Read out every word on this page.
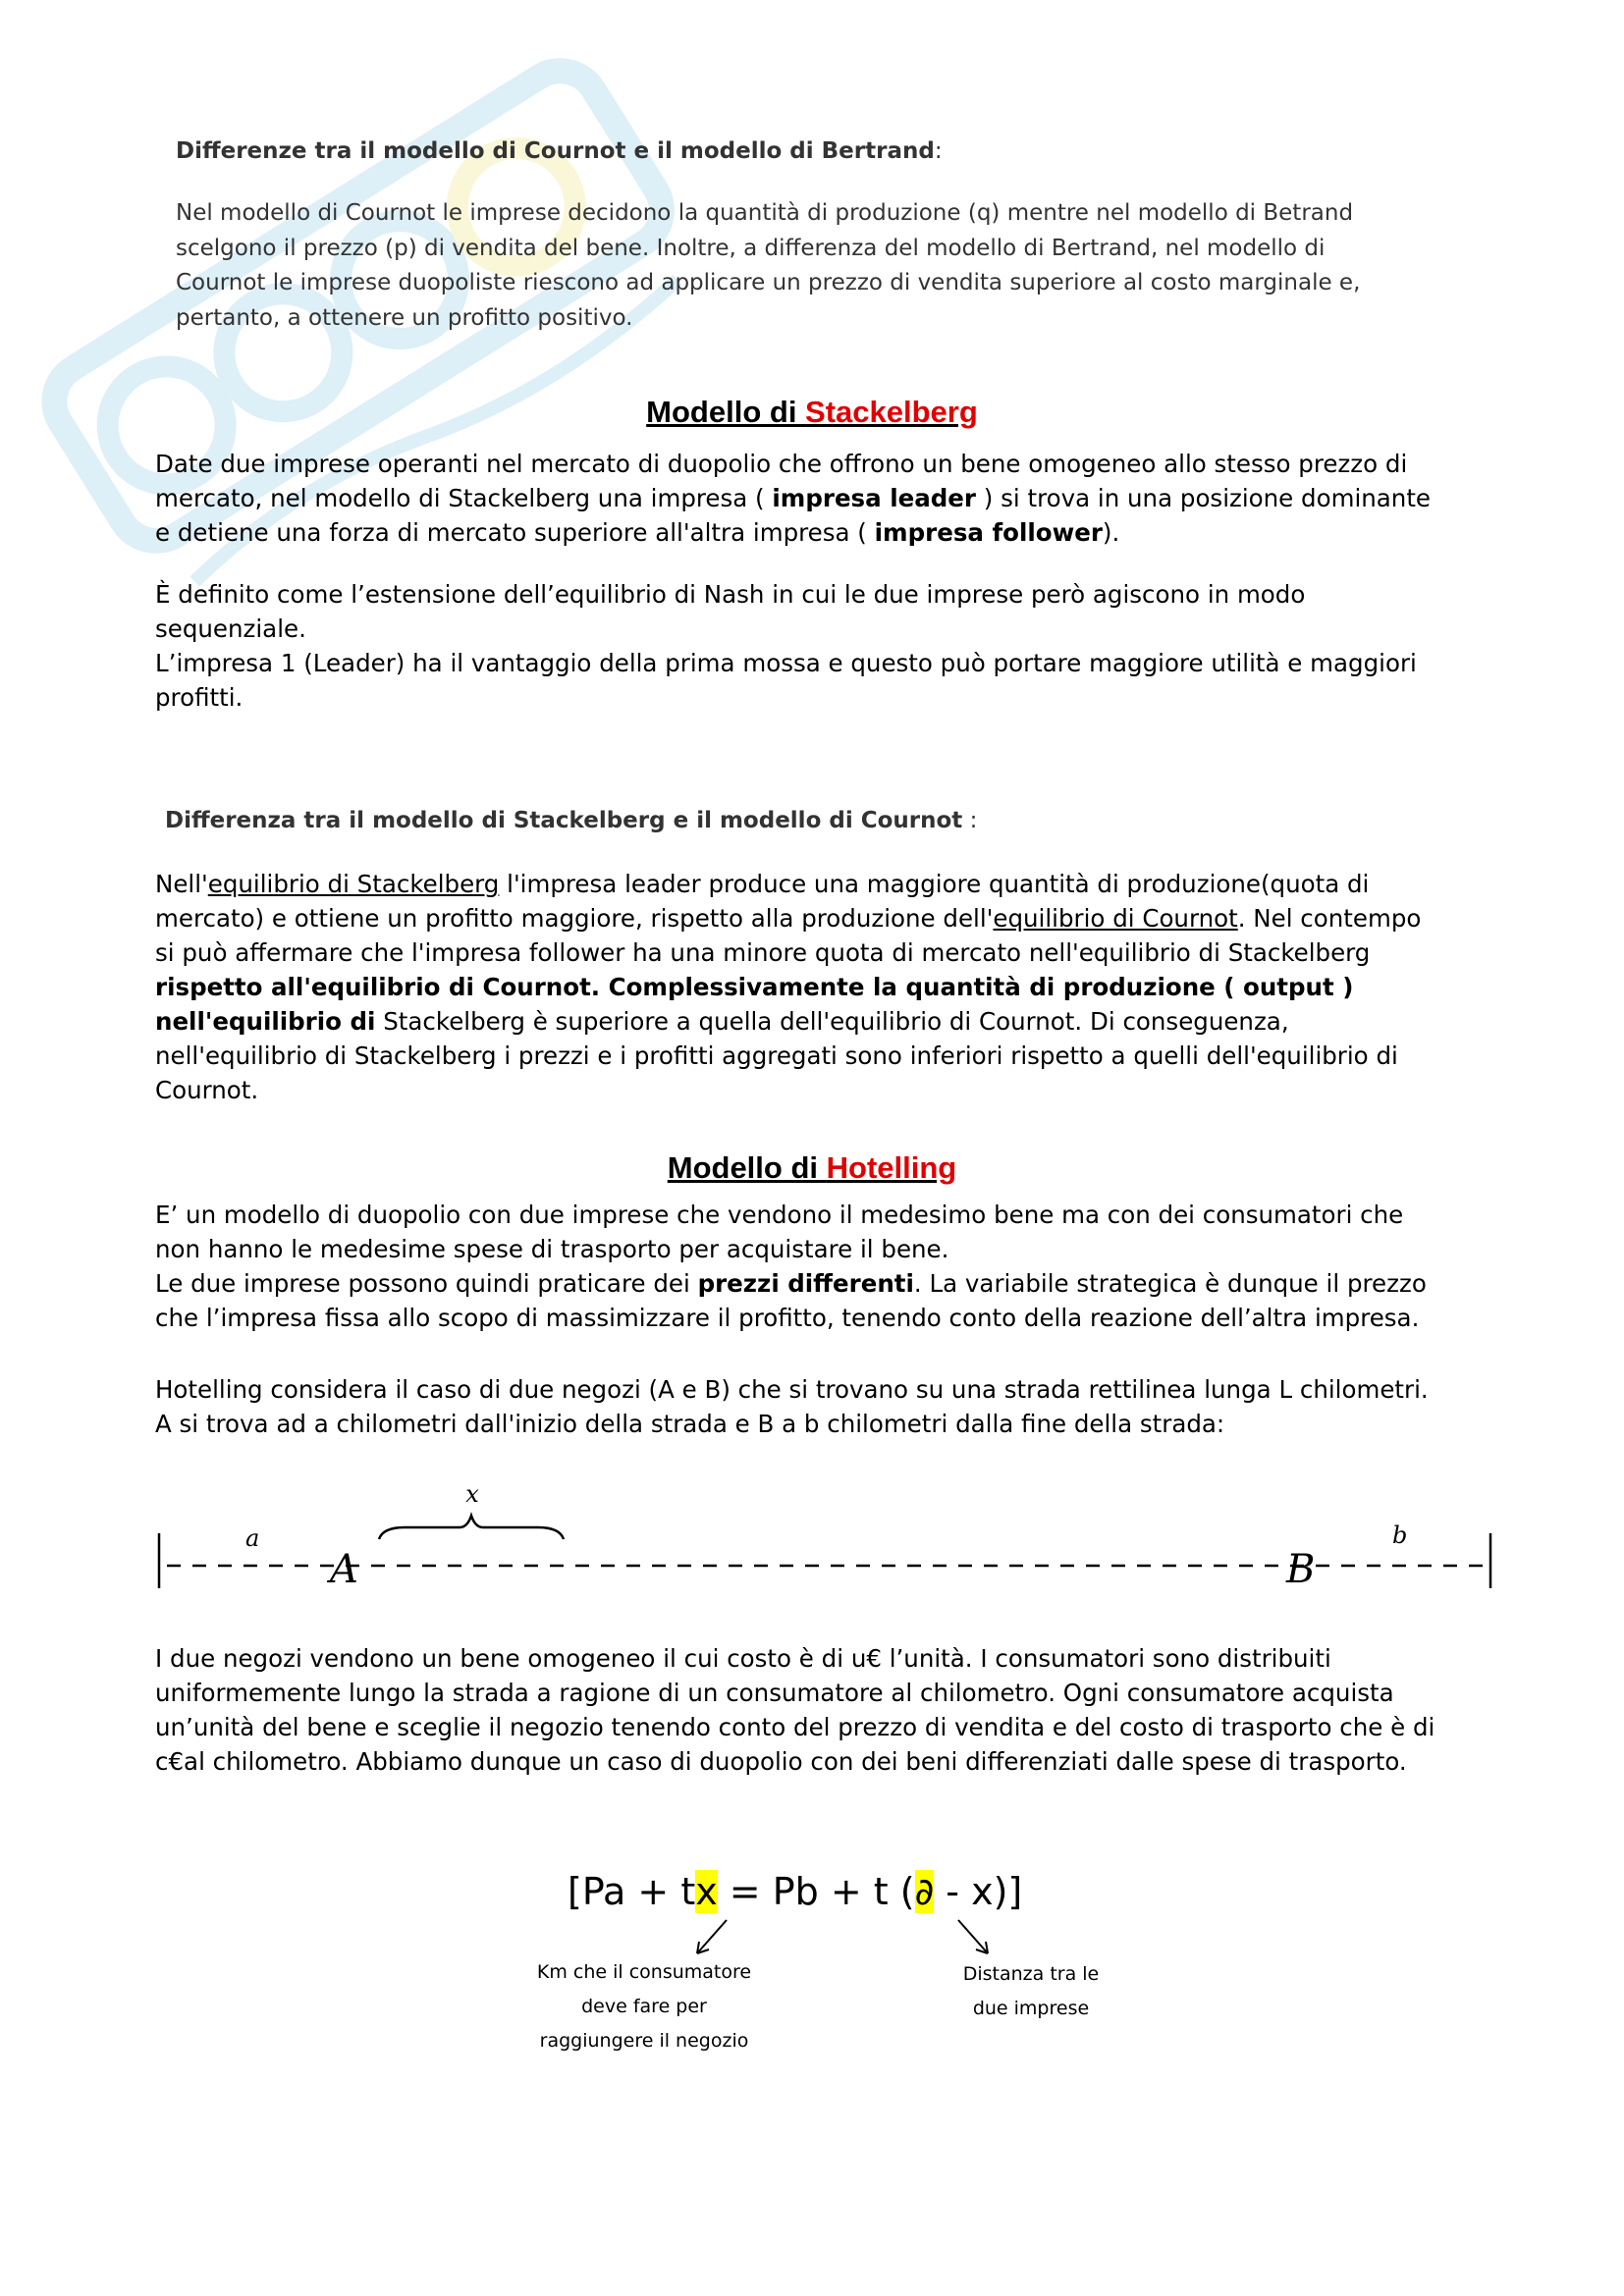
Differenze tra il modello di Cournot e il modello di Bertrand:
Nel modello di Cournot le imprese decidono la quantità di produzione (q) mentre nel modello di Betrand
scelgono il prezzo (p) di vendita del bene. Inoltre, a differenza del modello di Bertrand, nel modello di
Cournot le imprese duopoliste riescono ad applicare un prezzo di vendita superiore al costo marginale e,
pertanto, a ottenere un profitto positivo.
Modello di Stackelberg
Date due imprese operanti nel mercato di duopolio che offrono un bene omogeneo allo stesso prezzo di
mercato, nel modello di Stackelberg una impresa ( impresa leader ) si trova in una posizione dominante
e detiene una forza di mercato superiore all'altra impresa ( impresa follower).
È definito come l’estensione dell’equilibrio di Nash in cui le due imprese però agiscono in modo
sequenziale.
L’impresa 1 (Leader) ha il vantaggio della prima mossa e questo può portare maggiore utilità e maggiori
profitti.
Differenza tra il modello di Stackelberg e il modello di Cournot :
Nell'equilibrio di Stackelberg l'impresa leader produce una maggiore quantità di produzione(quota di
mercato) e ottiene un profitto maggiore, rispetto alla produzione dell'equilibrio di Cournot. Nel contempo
si può affermare che l'impresa follower ha una minore quota di mercato nell'equilibrio di Stackelberg
rispetto all'equilibrio di Cournot. Complessivamente la quantità di produzione ( output )
nell'equilibrio di Stackelberg è superiore a quella dell'equilibrio di Cournot. Di conseguenza,
nell'equilibrio di Stackelberg i prezzi e i profitti aggregati sono inferiori rispetto a quelli dell'equilibrio di
Cournot.
Modello di Hotelling
E’ un modello di duopolio con due imprese che vendono il medesimo bene ma con dei consumatori che
non hanno le medesime spese di trasporto per acquistare il bene.
Le due imprese possono quindi praticare dei prezzi differenti. La variabile strategica è dunque il prezzo
che l’impresa fissa allo scopo di massimizzare il profitto, tenendo conto della reazione dell’altra impresa.
Hotelling considera il caso di due negozi (A e B) che si trovano su una strada rettilinea lunga L chilometri.
A si trova ad a chilometri dall'inizio della strada e B a b chilometri dalla fine della strada:
x
a
A	B
b
I due negozi vendono un bene omogeneo il cui costo è di u€ l’unità. I consumatori sono distribuiti
uniformemente lungo la strada a ragione di un consumatore al chilometro. Ogni consumatore acquista
un’unità del bene e sceglie il negozio tenendo conto del prezzo di vendita e del costo di trasporto che è di
c€al chilometro. Abbiamo dunque un caso di duopolio con dei beni differenziati dalle spese di trasporto.
[Pa + tx = Pb + t (∂ - x)]
Km che il consumatore
deve fare per
raggiungere il negozio
Distanza tra le
due imprese
